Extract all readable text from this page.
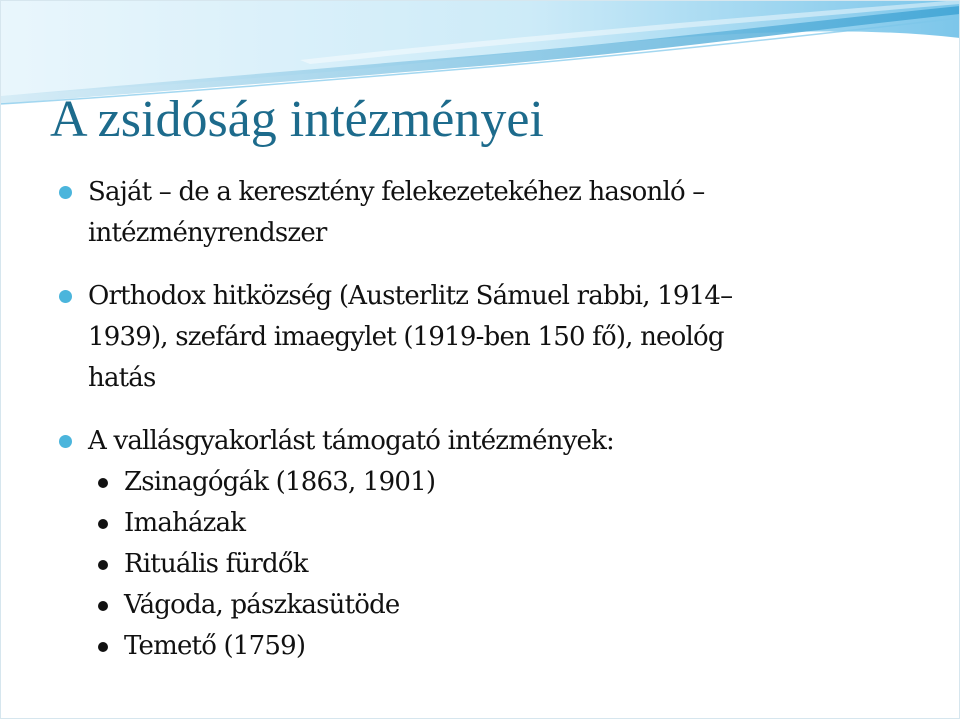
A zsidóság intézményei
Saját – de a keresztény felekezetekéhez hasonló –
intézményrendszer
Orthodox hitközség (Austerlitz Sámuel rabbi, 1914–
1939), szefárd imaegylet (1919-ben 150 fő), neológ
hatás
A vallásgyakorlást támogató intézmények:
Zsinagógák (1863, 1901)
Imaházak
Rituális fürdők
Vágoda, pászkasütöde
Temető (1759)
